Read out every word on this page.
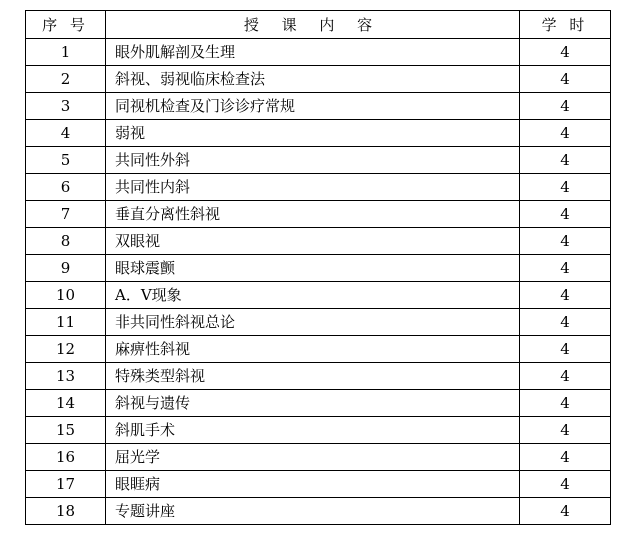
序 号	授 课 内 容	学 时
1	眼外肌解剖及生理	4
2	斜视、弱视临床检查法	4
3	同视机检查及门诊诊疗常规	4
4	弱视	4
5	共同性外斜	4
6	共同性内斜	4
7	垂直分离性斜视	4
8	双眼视	4
9	眼球震颤	4
10	A．V现象	4
11	非共同性斜视总论	4
12	麻痹性斜视	4
13	特殊类型斜视	4
14	斜视与遗传	4
15	斜肌手术	4
16	屈光学	4
17	眼睚病	4
18	专题讲座	4
